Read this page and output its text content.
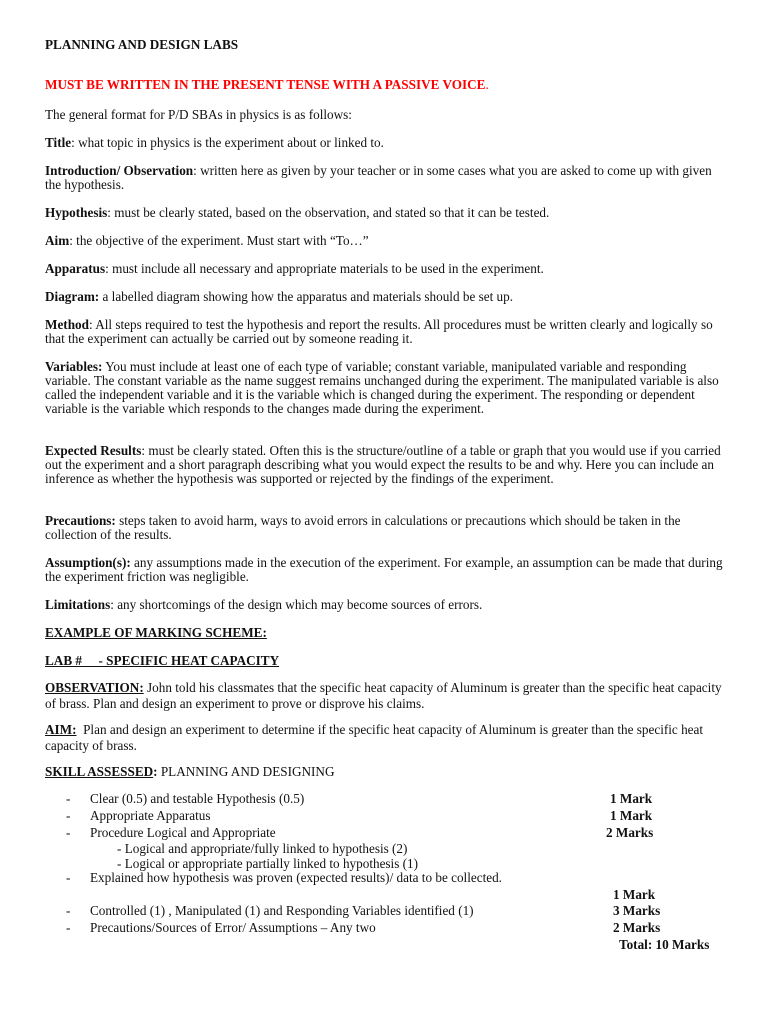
PLANNING AND DESIGN LABS
MUST BE WRITTEN IN THE PRESENT TENSE WITH A PASSIVE VOICE.
The general format for P/D SBAs in physics is as follows:
Title: what topic in physics is the experiment about or linked to.
Introduction/ Observation: written here as given by your teacher or in some cases what you are asked to come up with given the hypothesis.
Hypothesis: must be clearly stated, based on the observation, and stated so that it can be tested.
Aim: the objective of the experiment. Must start with “To…”
Apparatus: must include all necessary and appropriate materials to be used in the experiment.
Diagram: a labelled diagram showing how the apparatus and materials should be set up.
Method: All steps required to test the hypothesis and report the results. All procedures must be written clearly and logically so that the experiment can actually be carried out by someone reading it.
Variables: You must include at least one of each type of variable; constant variable, manipulated variable and responding variable. The constant variable as the name suggest remains unchanged during the experiment. The manipulated variable is also called the independent variable and it is the variable which is changed during the experiment. The responding or dependent variable is the variable which responds to the changes made during the experiment.
Expected Results: must be clearly stated. Often this is the structure/outline of a table or graph that you would use if you carried out the experiment and a short paragraph describing what you would expect the results to be and why. Here you can include an inference as whether the hypothesis was supported or rejected by the findings of the experiment.
Precautions: steps taken to avoid harm, ways to avoid errors in calculations or precautions which should be taken in the collection of the results.
Assumption(s): any assumptions made in the execution of the experiment. For example, an assumption can be made that during the experiment friction was negligible.
Limitations: any shortcomings of the design which may become sources of errors.
EXAMPLE OF MARKING SCHEME:
LAB #     - SPECIFIC HEAT CAPACITY
OBSERVATION: John told his classmates that the specific heat capacity of Aluminum is greater than the specific heat capacity of brass. Plan and design an experiment to prove or disprove his claims.
AIM:  Plan and design an experiment to determine if the specific heat capacity of Aluminum is greater than the specific heat capacity of brass.
SKILL ASSESSED: PLANNING AND DESIGNING
- Clear (0.5) and testable Hypothesis (0.5)	1 Mark
- Appropriate Apparatus	1 Mark
- Procedure Logical and Appropriate	2 Marks
- Logical and appropriate/fully linked to hypothesis (2)
- Logical or appropriate partially linked to hypothesis (1)
- Explained how hypothesis was proven (expected results)/ data to be collected.
1 Mark
- Controlled (1) , Manipulated (1) and Responding Variables identified (1)	3 Marks
- Precautions/Sources of Error/ Assumptions – Any two	2 Marks
Total: 10 Marks
